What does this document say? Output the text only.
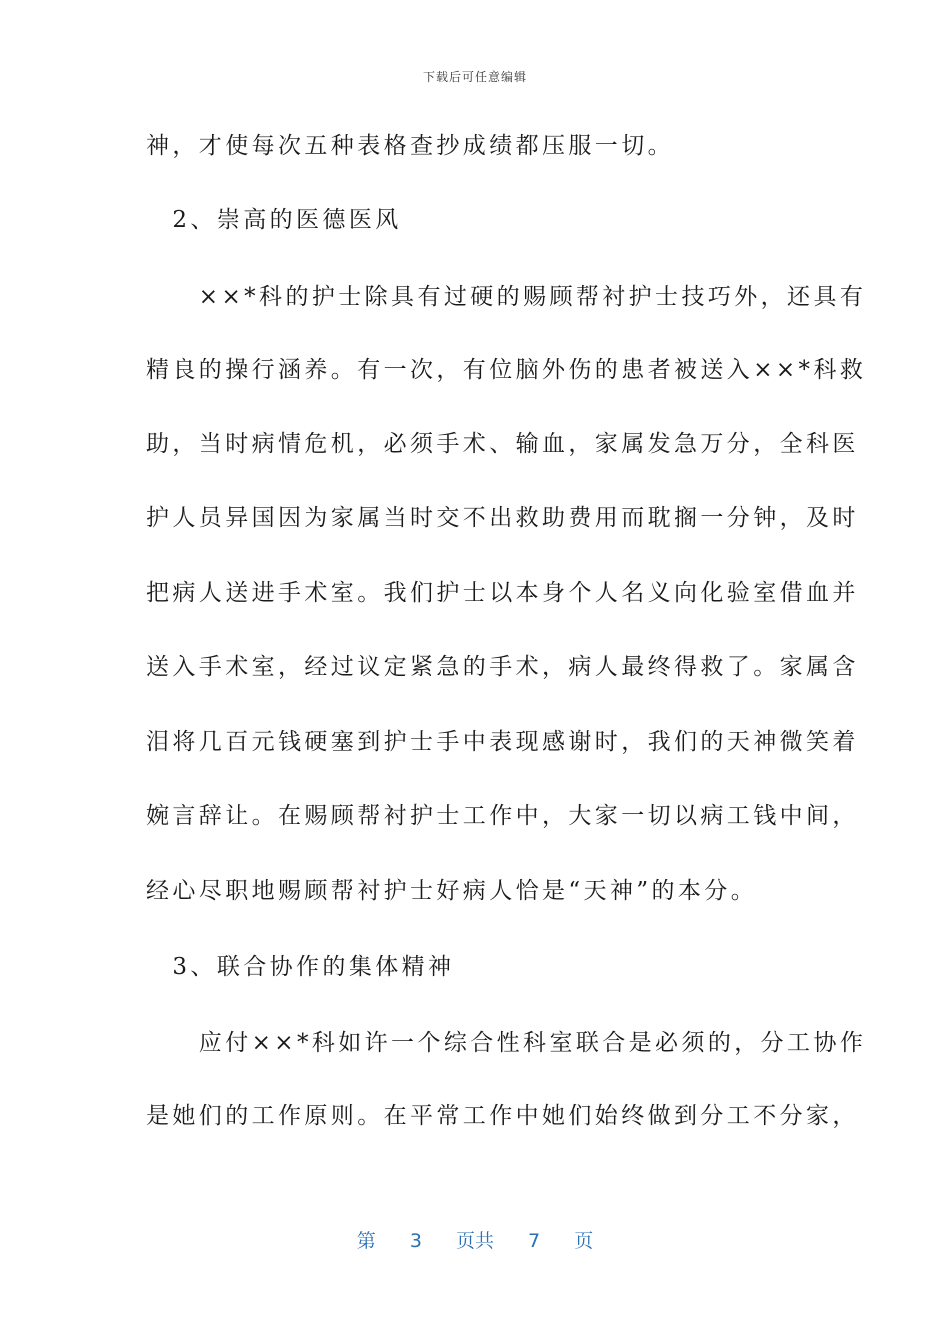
下载后可任意编辑
神，才使每次五种表格查抄成绩都压服一切。
　2、崇高的医德医风
　　××*科的护士除具有过硬的赐顾帮衬护士技巧外，还具有
精良的操行涵养。有一次，有位脑外伤的患者被送入××*科救
助，当时病情危机，必须手术、输血，家属发急万分，全科医
护人员异国因为家属当时交不出救助费用而耽搁一分钟，及时
把病人送进手术室。我们护士以本身个人名义向化验室借血并
送入手术室，经过议定紧急的手术，病人最终得救了。家属含
泪将几百元钱硬塞到护士手中表现感谢时，我们的天神微笑着
婉言辞让。在赐顾帮衬护士工作中，大家一切以病工钱中间，
经心尽职地赐顾帮衬护士好病人恰是“天神”的本分。
　3、联合协作的集体精神
　　应付××*科如许一个综合性科室联合是必须的，分工协作
是她们的工作原则。在平常工作中她们始终做到分工不分家，
第 3 页共 7 页
